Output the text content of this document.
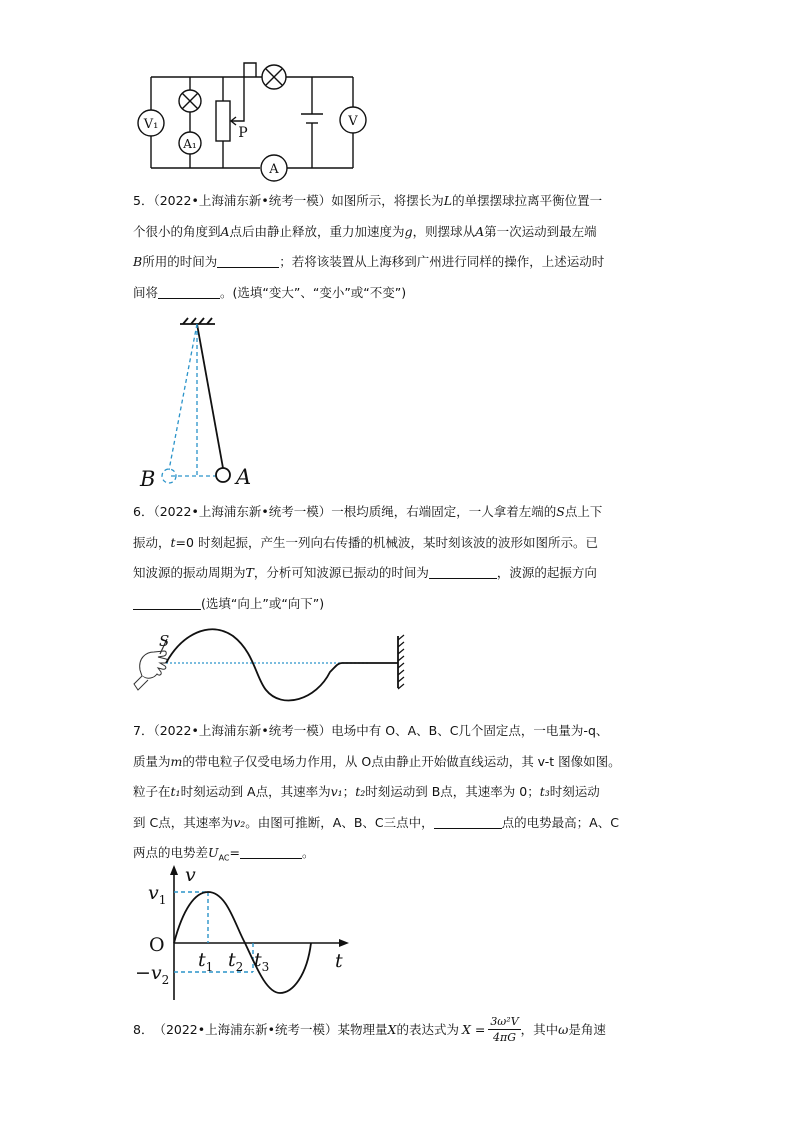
V₁
A₁
A
V
P

5．（2022•上海浦东新•统考一模）如图所示，将摆长为L的单摆摆球拉离平衡位置一

个很小的角度到A点后由静止释放，重力加速度为g，则摆球从A第一次运动到最左端

B所用的时间为	；若将该装置从上海移到广州进行同样的操作，上述运动时

间将	。(选填“变大”、“变小”或“不变”)

B	A

6．（2022•上海浦东新•统考一模）一根均质绳，右端固定，一人拿着左端的S点上下

振动，t=0 时刻起振，产生一列向右传播的机械波，某时刻该波的波形如图所示。已

知波源的振动周期为T，分析可知波源已振动的时间为	，波源的起振方向

(选填“向上”或“向下”)

S

7．（2022•上海浦东新•统考一模）电场中有 O、A、B、C几个固定点，一电量为-q、

质量为m的带电粒子仅受电场力作用，从 O点由静止开始做直线运动，其 v-t 图像如图。

粒子在t₁时刻运动到 A点，其速率为v₁；t₂时刻运动到 B点，其速率为 0；t₃时刻运动

到 C点，其速率为v₂。由图可推断，A、B、C三点中，	点的电势最高；A、C

两点的电势差$U_{AC}=$	。

v
t
O
$v_1$
$-v_2$
$t_1$ $t_2$ $t_3$

8． （2022•上海浦东新•统考一模） 某物理量 X 的表达式为 $X = \frac{\text{3ω²V}}{4\pi G}$ ，其中 ω 是角速
